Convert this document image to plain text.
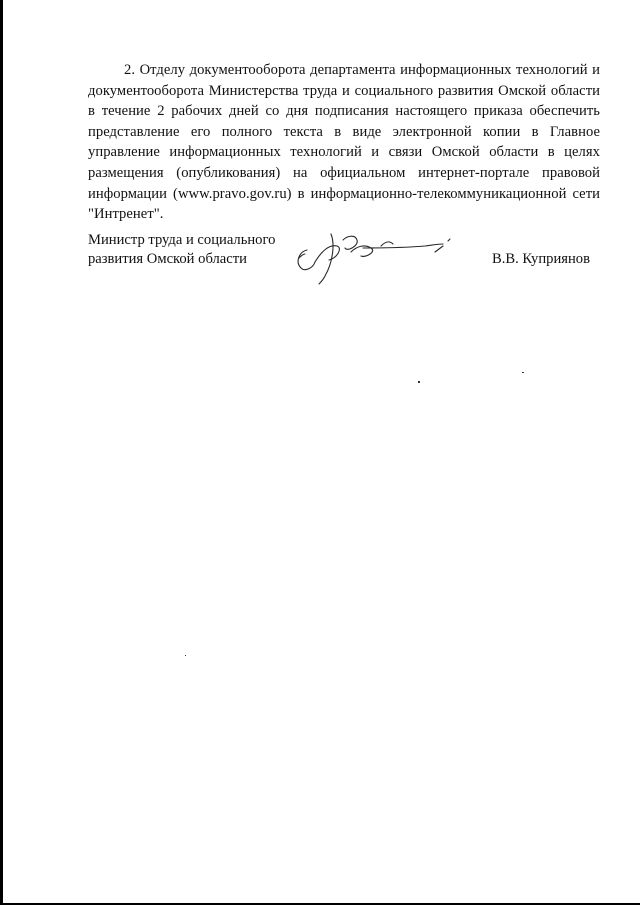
2. Отделу документооборота департамента информационных технологий и документооборота Министерства труда и социального развития Омской области в течение 2 рабочих дней со дня подписания настоящего приказа обеспечить представление его полного текста в виде электронной копии в Главное управление информационных технологий и связи Омской области в целях размещения (опубликования) на официальном интернет-портале правовой информации (www.pravo.gov.ru) в информационно-телекоммуникационной сети "Интренет".

Министр труда и социального
развития Омской области	В.В. Куприянов
